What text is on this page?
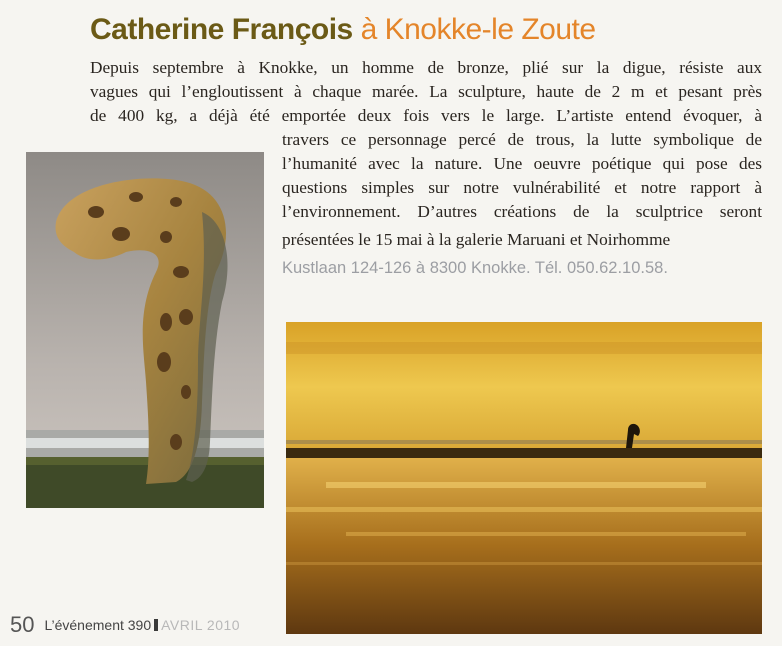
Catherine François à Knokke-le Zoute

Depuis septembre à Knokke, un homme de bronze, plié sur la digue, résiste aux

vagues qui l’engloutissent à chaque marée. La sculpture, haute de 2 m et pesant près

de 400 kg, a déjà été emportée deux fois vers le large. L’artiste entend évoquer, à

travers ce personnage percé de trous, la lutte symbolique de

l’humanité avec la nature. Une oeuvre poétique qui pose des

questions simples sur notre vulnérabilité et notre rapport à

l’environnement. D’autres créations de la sculptrice seront

présentées le 15 mai à la galerie Maruani et Noirhomme

Kustlaan 124-126 à 8300 Knokke. Tél. 050.62.10.58.

50 L’événement 390 AVRIL 2010
